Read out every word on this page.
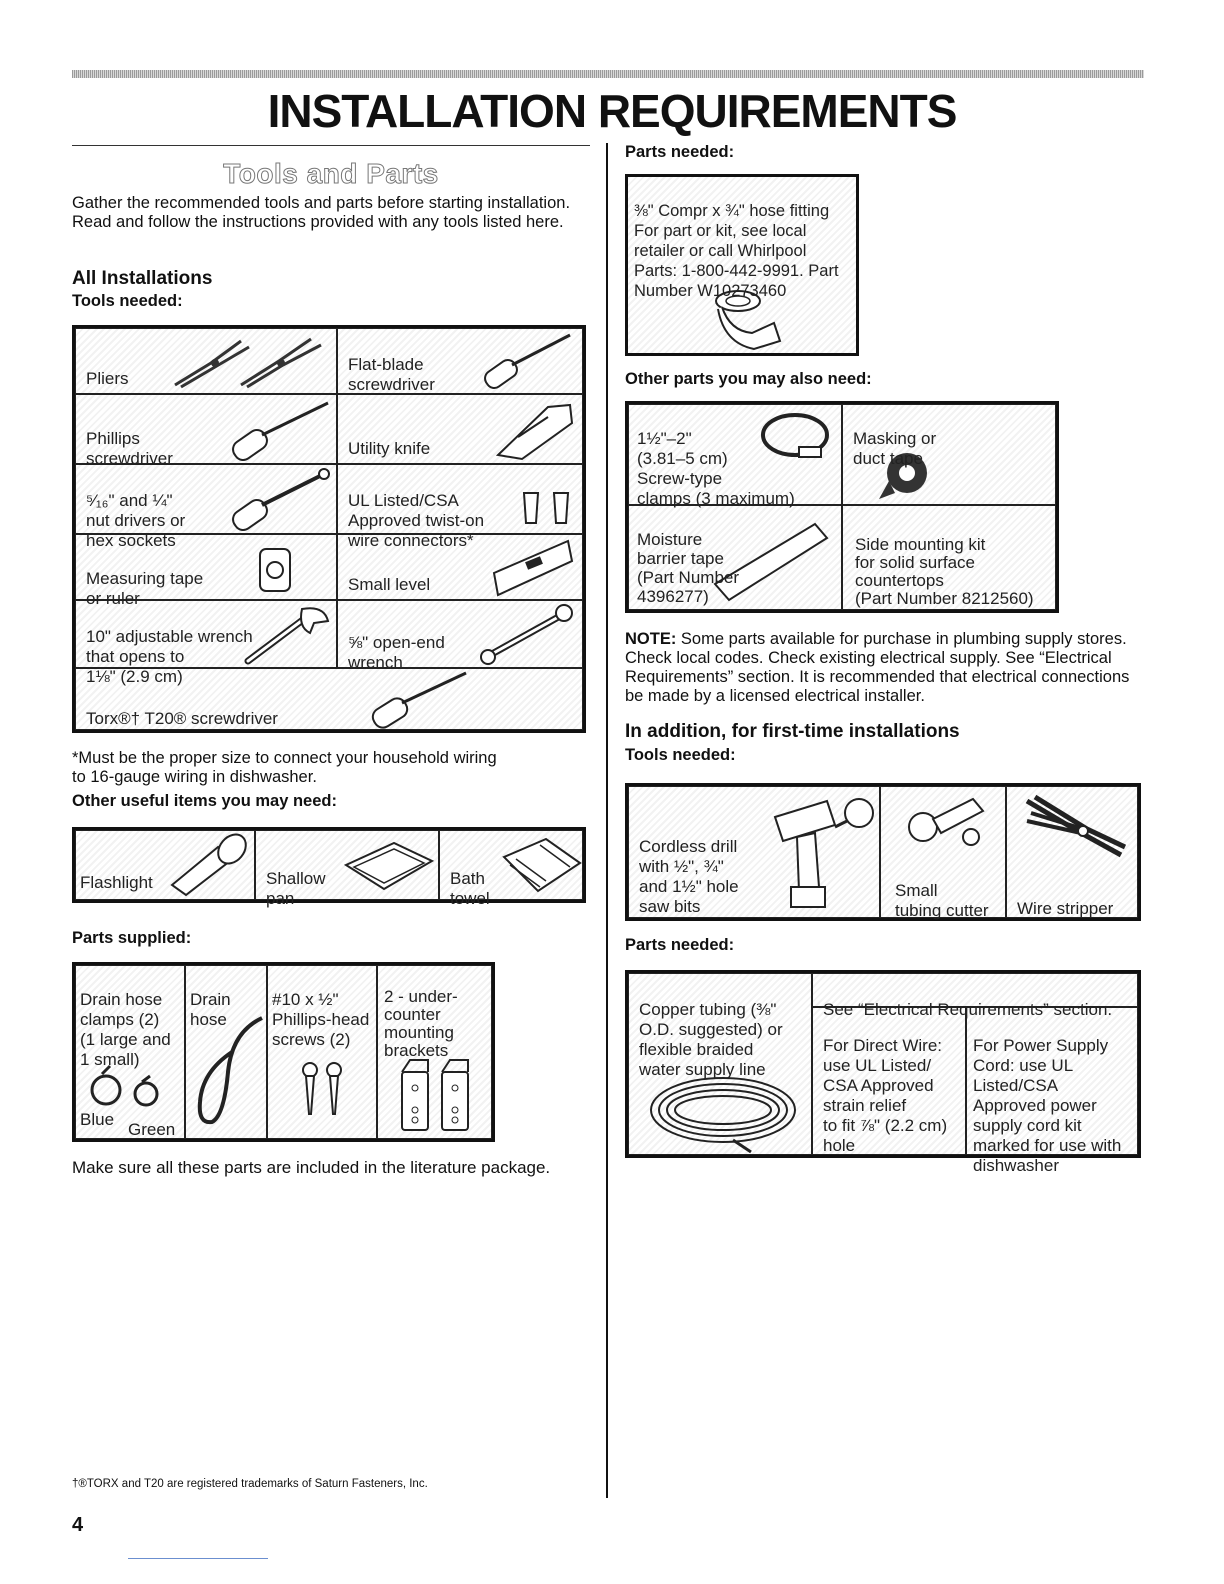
INSTALLATION REQUIREMENTS
Tools and Parts

Gather the recommended tools and parts before starting installation. Read and follow the instructions provided with any tools listed here.

All Installations

Tools needed:

Pliers

Flat-blade
screwdriver

Phillips
screwdriver

Utility knife

⁵⁄₁₆" and ¼"
nut drivers or
hex sockets

UL Listed/CSA
Approved twist-on
wire connectors*

Measuring tape
or ruler

Small level

10" adjustable wrench
that opens to
1⅛" (2.9 cm)

⅝" open-end
wrench

Torx®† T20® screwdriver

*Must be the proper size to connect your household wiring
to 16-gauge wiring in dishwasher.

Other useful items you may need:

Flashlight	Shallow
pan

Bath
towel

Parts supplied:

Drain hose
clamps (2)
(1 large and
1 small)

Blue

Green

Drain
hose

#10 x ½"
Phillips-head
screws (2)

2 - under-
counter
mounting
brackets

Make sure all these parts are included in the literature package.

†®TORX and T20 are registered trademarks of Saturn Fasteners, Inc.

4

Parts needed:

⅜" Compr x ¾" hose fitting
For part or kit, see local
retailer or call Whirlpool
Parts: 1-800-442-9991. Part
Number W10273460

Other parts you may also need:

1½"–2"
(3.81–5 cm)
Screw-type
clamps (3 maximum)

Masking or
duct tape

Moisture
barrier tape
(Part Number
4396277)

Side mounting kit
for solid surface
countertops
(Part Number 8212560)

NOTE: Some parts available for purchase in plumbing supply stores. Check local codes. Check existing electrical supply. See “Electrical Requirements” section. It is recommended that electrical connections be made by a licensed electrical installer.

In addition, for first-time installations

Tools needed:

Cordless drill
with ½", ¾"
and 1½" hole
saw bits

Small
tubing cutter	Wire stripper

Parts needed:

Copper tubing (⅜"
O.D. suggested) or
flexible braided
water supply line

See “Electrical Requirements” section.

For Direct Wire:
use UL Listed/
CSA Approved
strain relief
to fit ⅞" (2.2 cm)
hole

For Power Supply
Cord: use UL
Listed/CSA
Approved power
supply cord kit
marked for use with
dishwasher
